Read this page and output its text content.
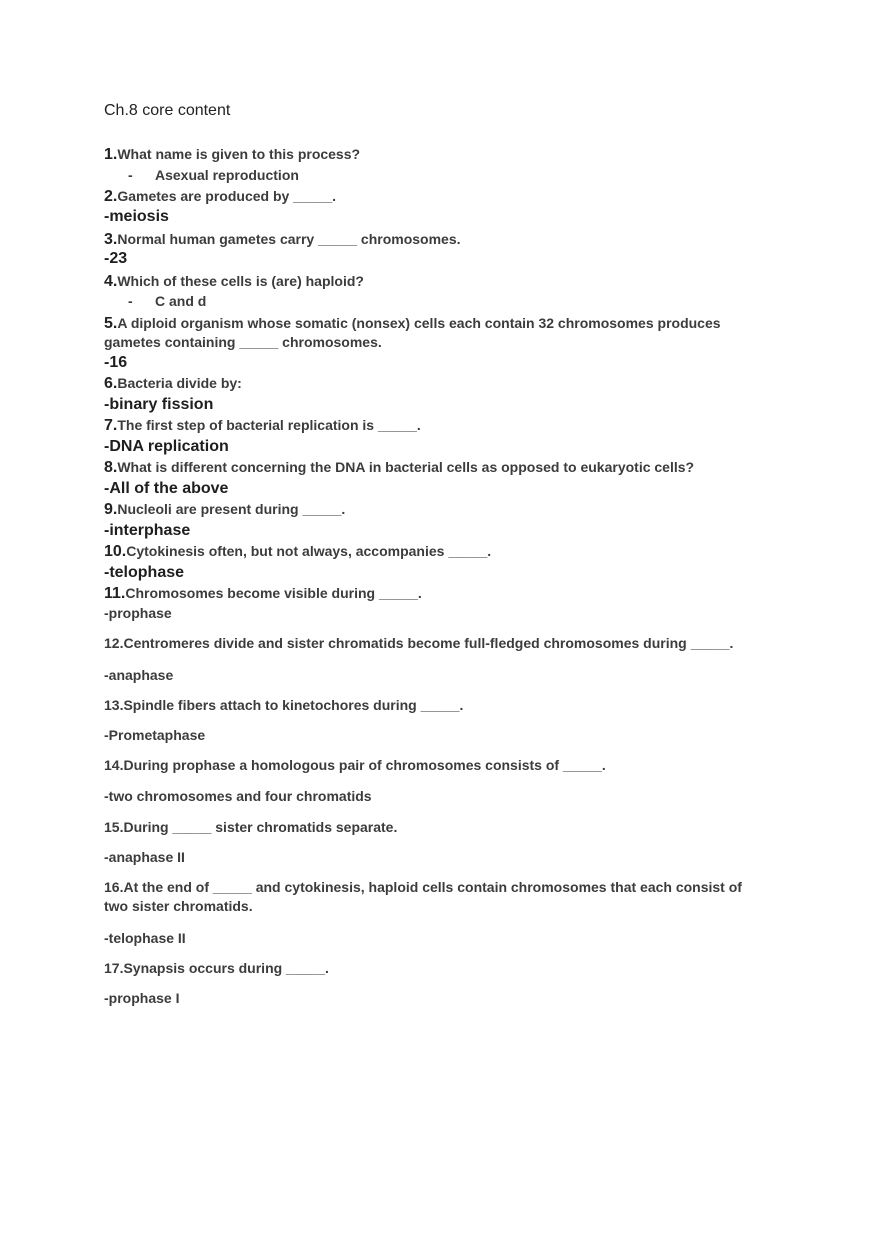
Ch.8 core content
1.What name is given to this process?
- Asexual reproduction
2.Gametes are produced by _____.
-meiosis
3.Normal human gametes carry _____ chromosomes.
-23
4.Which of these cells is (are) haploid?
- C and d
5.A diploid organism whose somatic (nonsex) cells each contain 32 chromosomes produces gametes containing _____ chromosomes.
-16
6.Bacteria divide by:
-binary fission
7.The first step of bacterial replication is _____.
-DNA replication
8.What is different concerning the DNA in bacterial cells as opposed to eukaryotic cells?
-All of the above
9.Nucleoli are present during _____.
-interphase
10.Cytokinesis often, but not always, accompanies _____.
-telophase
11.Chromosomes become visible during _____.
-prophase
12.Centromeres divide and sister chromatids become full-fledged chromosomes during _____.
-anaphase
13.Spindle fibers attach to kinetochores during _____.
-Prometaphase
14.During prophase a homologous pair of chromosomes consists of _____.
-two chromosomes and four chromatids
15.During _____ sister chromatids separate.
-anaphase II
16.At the end of _____ and cytokinesis, haploid cells contain chromosomes that each consist of two sister chromatids.
-telophase II
17.Synapsis occurs during _____.
-prophase I
